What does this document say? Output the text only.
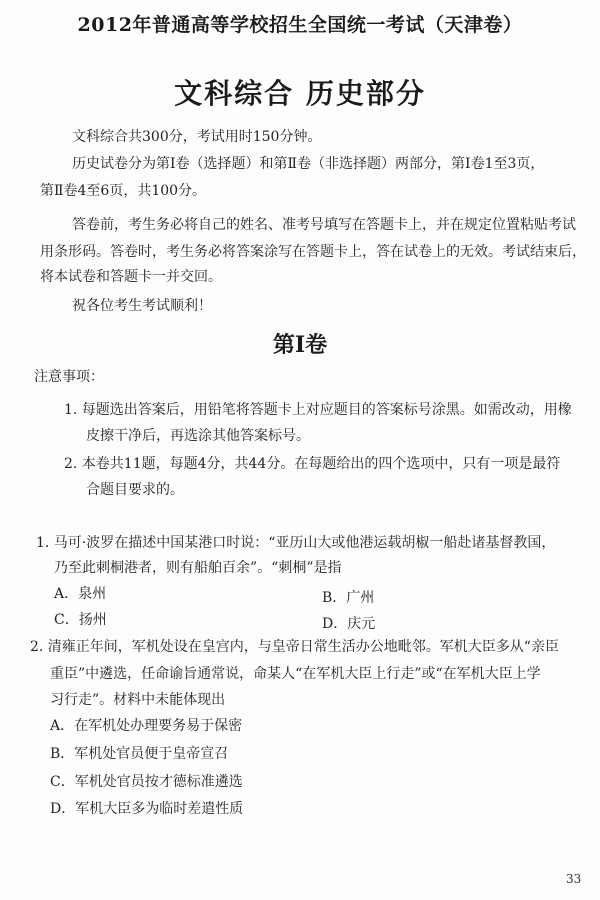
2012年普通高等学校招生全国统一考试（天津卷）
文科综合 历史部分
文科综合共300分，考试用时150分钟。
历史试卷分为第Ⅰ卷（选择题）和第Ⅱ卷（非选择题）两部分，第Ⅰ卷1至3页，
第Ⅱ卷4至6页，共100分。
答卷前，考生务必将自己的姓名、准考号填写在答题卡上，并在规定位置粘贴考试
用条形码。答卷时，考生务必将答案涂写在答题卡上，答在试卷上的无效。考试结束后，
将本试卷和答题卡一并交回。
祝各位考生考试顺利！
第Ⅰ卷
注意事项：
1. 每题选出答案后，用铅笔将答题卡上对应题目的答案标号涂黑。如需改动，用橡
皮擦干净后，再选涂其他答案标号。
2. 本卷共11题，每题4分，共44分。在每题给出的四个选项中，只有一项是最符
合题目要求的。
1. 马可·波罗在描述中国某港口时说：“亚历山大或他港运载胡椒一船赴诸基督教国，
乃至此刺桐港者，则有船舶百余”。“刺桐”是指
A．泉州	B．广州
C．扬州	D．庆元
2. 清雍正年间，军机处设在皇宫内，与皇帝日常生活办公地毗邻。军机大臣多从“亲臣
重臣”中遴选，任命谕旨通常说，命某人“在军机大臣上行走”或“在军机大臣上学
习行走”。材料中未能体现出
A．在军机处办理要务易于保密
B．军机处官员便于皇帝宣召
C．军机处官员按才德标准遴选
D．军机大臣多为临时差遣性质
33
